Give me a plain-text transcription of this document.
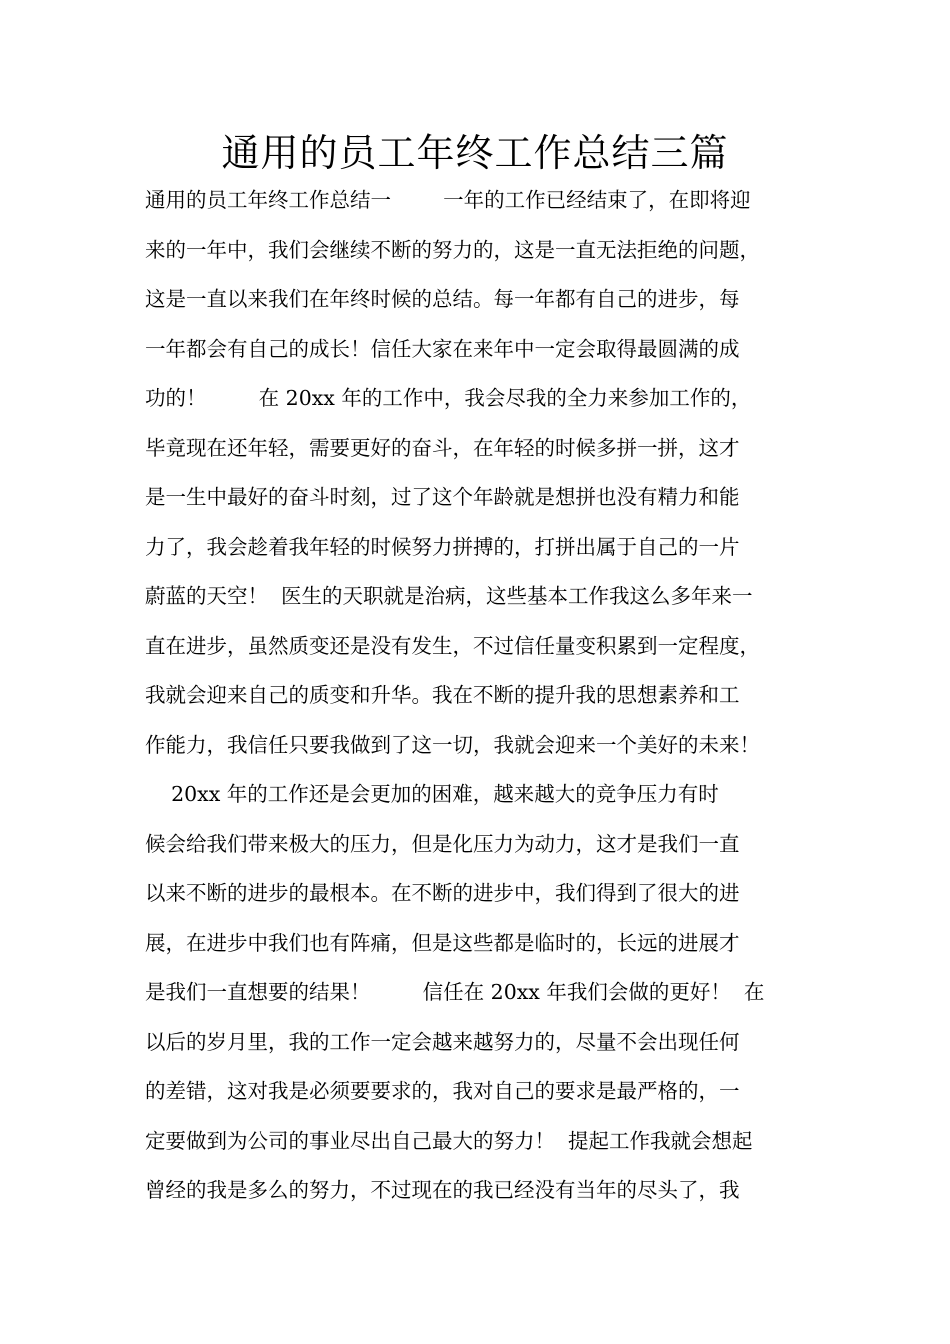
通用的员工年终工作总结三篇
通用的员工年终工作总结一        一年的工作已经结束了，在即将迎
来的一年中，我们会继续不断的努力的，这是一直无法拒绝的问题，
这是一直以来我们在年终时候的总结。每一年都有自己的进步，每
一年都会有自己的成长！信任大家在来年中一定会取得最圆满的成
功的！        在 20xx 年的工作中，我会尽我的全力来参加工作的，
毕竟现在还年轻，需要更好的奋斗，在年轻的时候多拼一拼，这才
是一生中最好的奋斗时刻，过了这个年龄就是想拼也没有精力和能
力了，我会趁着我年轻的时候努力拼搏的，打拼出属于自己的一片
蔚蓝的天空！  医生的天职就是治病，这些基本工作我这么多年来一
直在进步，虽然质变还是没有发生，不过信任量变积累到一定程度，
我就会迎来自己的质变和升华。我在不断的提升我的思想素养和工
作能力，我信任只要我做到了这一切，我就会迎来一个美好的未来！
20xx 年的工作还是会更加的困难，越来越大的竞争压力有时
候会给我们带来极大的压力，但是化压力为动力，这才是我们一直
以来不断的进步的最根本。在不断的进步中，我们得到了很大的进
展，在进步中我们也有阵痛，但是这些都是临时的，长远的进展才
是我们一直想要的结果！        信任在 20xx 年我们会做的更好！  在
以后的岁月里，我的工作一定会越来越努力的，尽量不会出现任何
的差错，这对我是必须要要求的，我对自己的要求是最严格的，一
定要做到为公司的事业尽出自己最大的努力！  提起工作我就会想起
曾经的我是多么的努力，不过现在的我已经没有当年的尽头了，我
